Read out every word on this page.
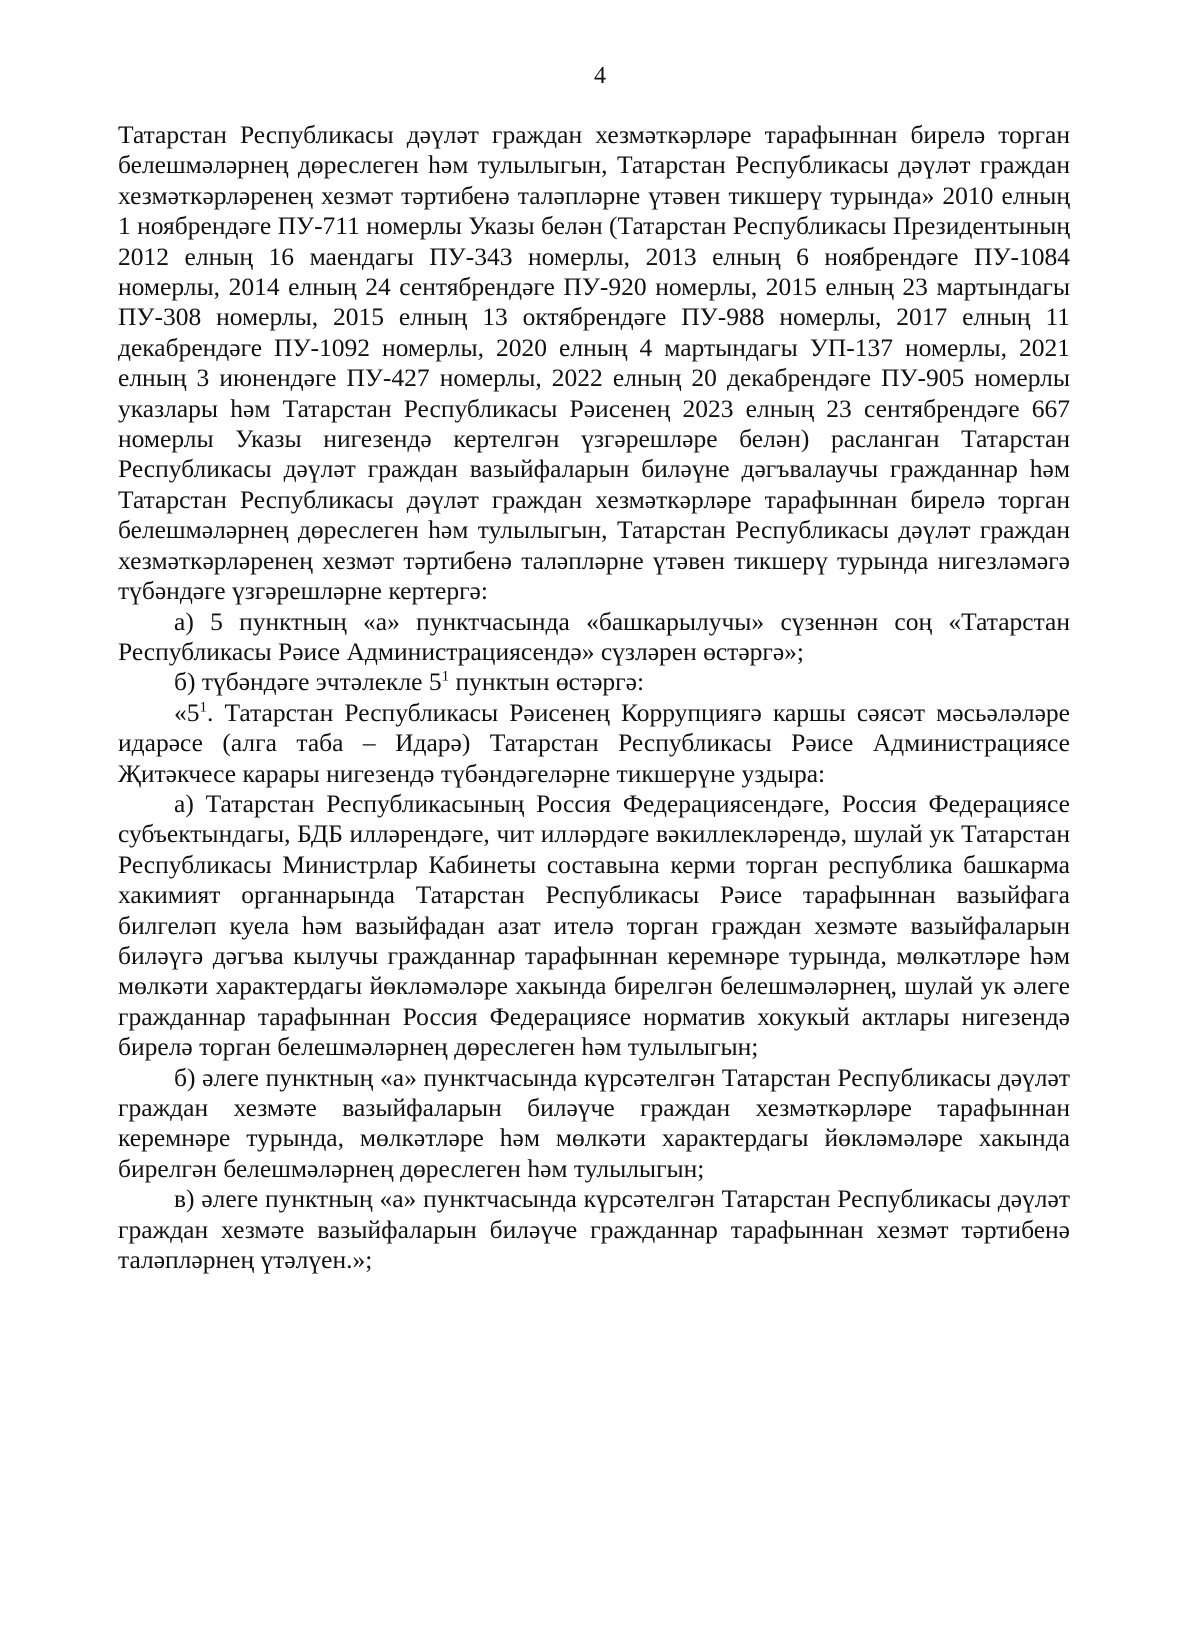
4

Татарстан Республикасы дәүләт граждан хезмәткәрләре тарафыннан бирелә торган белешмәләрнең дөреслеген һәм тулылыгын, Татарстан Республикасы дәүләт граждан хезмәткәрләренең хезмәт тәртибенә таләпләрне үтәвен тикшерү турында» 2010 елның 1 ноябрендәге ПУ-711 номерлы Указы белән (Татарстан Республикасы Президентының 2012 елның 16 маендагы ПУ-343 номерлы, 2013 елның 6 ноябрендәге ПУ-1084 номерлы, 2014 елның 24 сентябрендәге ПУ-920 номерлы, 2015 елның 23 мартындагы ПУ-308 номерлы, 2015 елның 13 октябрендәге ПУ-988 номерлы, 2017 елның 11 декабрендәге ПУ-1092 номерлы, 2020 елның 4 мартындагы УП-137 номерлы, 2021 елның 3 июнендәге ПУ-427 номерлы, 2022 елның 20 декабрендәге ПУ-905 номерлы указлары һәм Татарстан Республикасы Рәисенең 2023 елның 23 сентябрендәге 667 номерлы Указы нигезендә кертелгән үзгәрешләре белән) расланган Татарстан Республикасы дәүләт граждан вазыйфаларын биләүне дәгъвалаучы гражданнар һәм Татарстан Республикасы дәүләт граждан хезмәткәрләре тарафыннан бирелә торган белешмәләрнең дөреслеген һәм тулылыгын, Татарстан Республикасы дәүләт граждан хезмәткәрләренең хезмәт тәртибенә таләпләрне үтәвен тикшерү турында нигезләмәгә түбәндәге үзгәрешләрне кертергә:

а) 5 пунктның «а» пунктчасында «башкарылучы» сүзеннән соң «Татарстан Республикасы Рәисе Администрациясендә» сүзләрен өстәргә»;

б) түбәндәге эчтәлекле $5^1$ пунктын өстәргә:

«$5^1$. Татарстан Республикасы Рәисенең Коррупциягә каршы сәясәт мәсьәләләре идарәсе (алга таба – Идарә) Татарстан Республикасы Рәисе Администрациясе Җитәкчесе карары нигезендә түбәндәгеләрне тикшерүне уздыра:

а) Татарстан Республикасының Россия Федерациясендәге, Россия Федерациясе субъектындагы, БДБ илләрендәге, чит илләрдәге вәкиллекләрендә, шулай ук Татарстан Республикасы Министрлар Кабинеты составына керми торган республика башкарма хакимият органнарында Татарстан Республикасы Рәисе тарафыннан вазыйфага билгеләп куела һәм вазыйфадан азат ителә торган граждан хезмәте вазыйфаларын биләүгә дәгъва кылучы гражданнар тарафыннан керемнәре турында, мөлкәтләре һәм мөлкәти характердагы йөкләмәләре хакында бирелгән белешмәләрнең, шулай ук әлеге гражданнар тарафыннан Россия Федерациясе норматив хокукый актлары нигезендә бирелә торган белешмәләрнең дөреслеген һәм тулылыгын;

б) әлеге пунктның «а» пунктчасында күрсәтелгән Татарстан Республикасы дәүләт граждан хезмәте вазыйфаларын биләүче граждан хезмәткәрләре тарафыннан керемнәре турында, мөлкәтләре һәм мөлкәти характердагы йөкләмәләре хакында бирелгән белешмәләрнең дөреслеген һәм тулылыгын;

в) әлеге пунктның «а» пунктчасында күрсәтелгән Татарстан Республикасы дәүләт граждан хезмәте вазыйфаларын биләүче гражданнар тарафыннан хезмәт тәртибенә таләпләрнең үтәлүен.»;
